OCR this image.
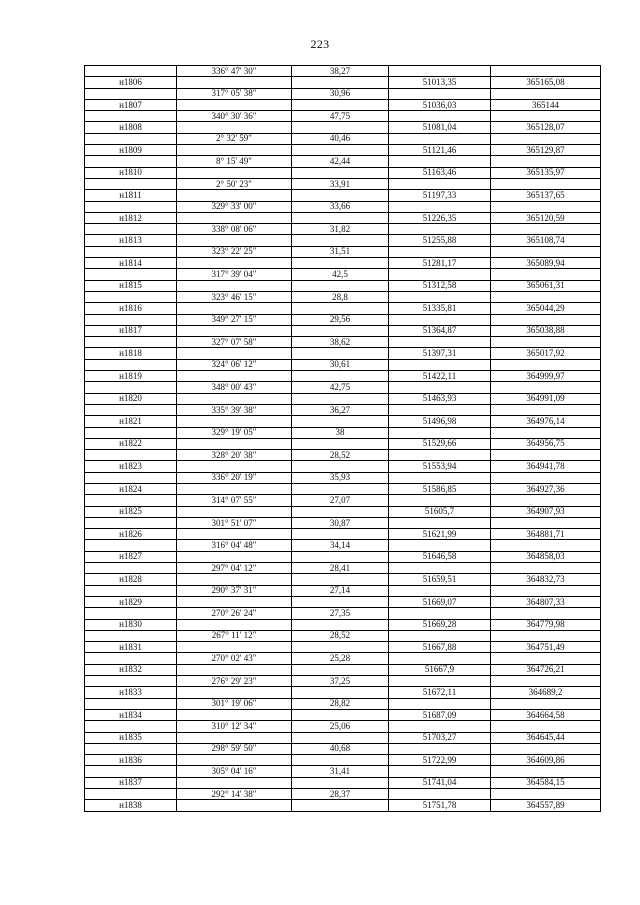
223
	336° 47' 30"	38,27		
н1806			51013,35	365165,08
	317° 05' 38"	30,96		
н1807			51036,03	365144
	340° 30' 36"	47,75		
н1808			51081,04	365128,07
	2° 32' 59"	40,46		
н1809			51121,46	365129,87
	8° 15' 49"	42,44		
н1810			51163,46	365135,97
	2° 50' 23"	33,91		
н1811			51197,33	365137,65
	329° 33' 00"	33,66		
н1812			51226,35	365120,59
	338° 08' 06"	31,82		
н1813			51255,88	365108,74
	323° 22' 25"	31,51		
н1814			51281,17	365089,94
	317° 39' 04"	42,5		
н1815			51312,58	365061,31
	323° 46' 15"	28,8		
н1816			51335,81	365044,29
	349° 27' 15"	29,56		
н1817			51364,87	365038,88
	327° 07' 58"	38,62		
н1818			51397,31	365017,92
	324° 06' 12"	30,61		
н1819			51422,11	364999,97
	348° 00' 43"	42,75		
н1820			51463,93	364991,09
	335° 39' 38"	36,27		
н1821			51496,98	364976,14
	329° 19' 05"	38		
н1822			51529,66	364956,75
	328° 20' 38"	28,52		
н1823			51553,94	364941,78
	336° 20' 19"	35,93		
н1824			51586,85	364927,36
	314° 07' 55"	27,07		
н1825			51605,7	364907,93
	301° 51' 07"	30,87		
н1826			51621,99	364881,71
	316° 04' 48"	34,14		
н1827			51646,58	364858,03
	297° 04' 12"	28,41		
н1828			51659,51	364832,73
	290° 37' 31"	27,14		
н1829			51669,07	364807,33
	270° 26' 24"	27,35		
н1830			51669,28	364779,98
	267° 11' 12"	28,52		
н1831			51667,88	364751,49
	270° 02' 43"	25,28		
н1832			51667,9	364726,21
	276° 29' 23"	37,25		
н1833			51672,11	364689,2
	301° 19' 06"	28,82		
н1834			51687,09	364664,58
	310° 12' 34"	25,06		
н1835			51703,27	364645,44
	298° 59' 50"	40,68		
н1836			51722,99	364609,86
	305° 04' 16"	31,41		
н1837			51741,04	364584,15
	292° 14' 38"	28,37		
н1838			51751,78	364557,89
